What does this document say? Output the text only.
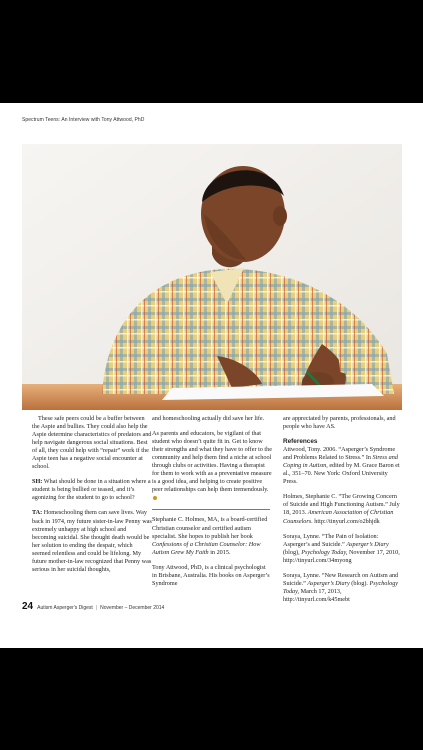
Spectrum Teens: An Interview with Tony Attwood, PhD

These safe peers could be a buffer between the Aspie and bullies. They could also help the Aspie determine characteristics of predators and help navigate dangerous social situations. Best of all, they could help with “repair” work if the Aspie teen has a negative social encounter at school.

SH: What should be done in a situation where a student is being bullied or teased, and it’s agonizing for the student to go to school?

TA: Homeschooling them can save lives. Way back in 1974, my future sister-in-law Penny was extremely unhappy at high school and becoming suicidal. She thought death would be her solution to ending the despair, which seemed relentless and could be lifelong. My future mother-in-law recognized that Penny was serious in her suicidal thoughts,

and homeschooling actually did save her life.

As parents and educators, be vigilant of that student who doesn’t quite fit in. Get to know their strengths and what they have to offer to the community and help them find a niche at school through clubs or activities. Having a therapist for them to work with as a preventative measure is a good idea, and helping to create positive peer relationships can help them tremendously.

Stephanie C. Holmes, MA, is a board-certified Christian counselor and certified autism specialist. She hopes to publish her book Confessions of a Christian Counselor: How Autism Grew My Faith in 2015.

Tony Attwood, PhD, is a clinical psychologist in Brisbane, Australia. His books on Asperger’s Syndrome

are appreciated by parents, professionals, and people who have AS.

References

Attwood, Tony. 2006. “Asperger’s Syndrome and Problems Related to Stress.” In Stress and Coping in Autism, edited by M. Grace Baron et al., 351–70. New York: Oxford University Press.

Holmes, Stephanie C. “The Growing Concern of Suicide and High Functioning Autism.” July 18, 2013. American Association of Christian Counselors. http://tinyurl.com/o2bhjdk

Soraya, Lynne. “The Pain of Isolation: Asperger’s and Suicide.” Asperger’s Diary (blog), Psychology Today, November 17, 2010, http://tinyurl.com/34myong

Soraya, Lynne. “New Research on Autism and Suicide.” Asperger’s Diary (blog). Psychology Today, March 17, 2013, http://tinyurl.com/k45mebt

24 Autism Asperger's Digest | November – December 2014
